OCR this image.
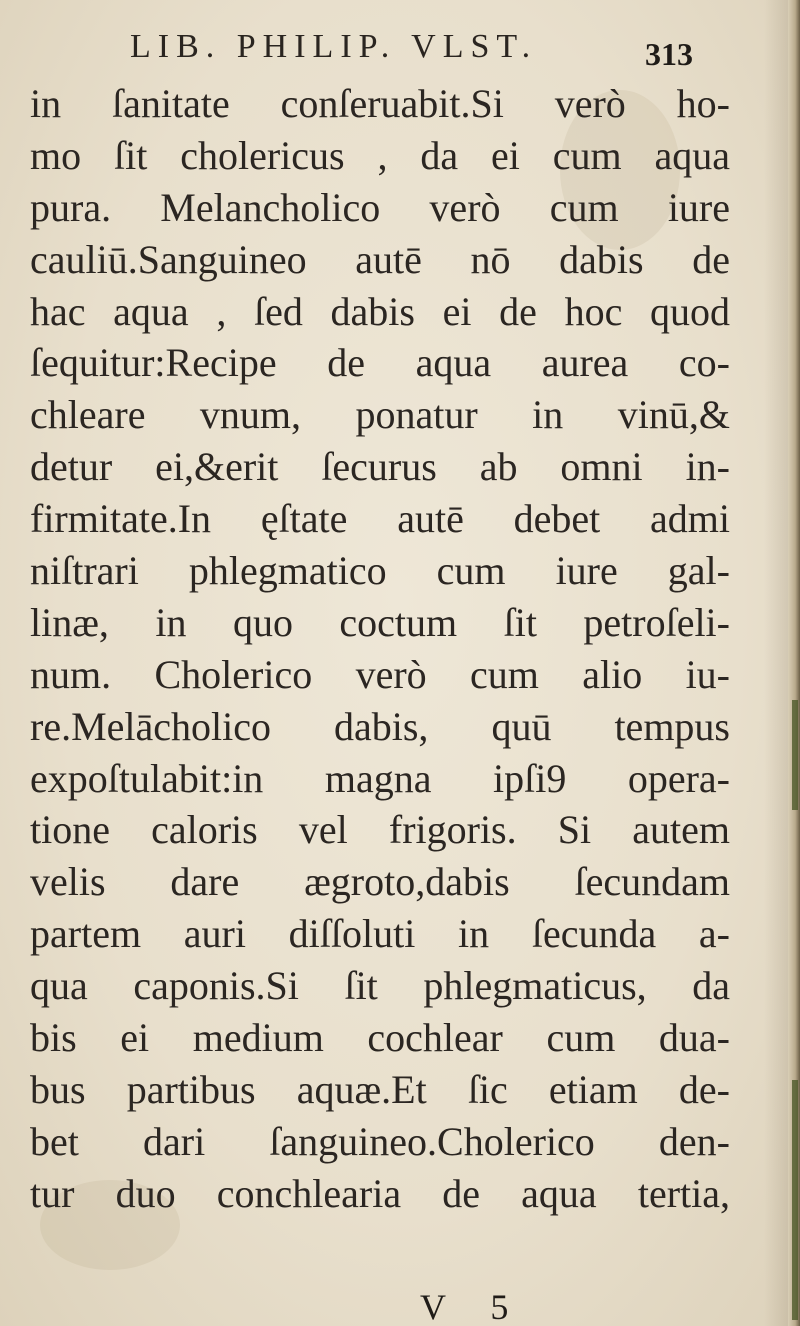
LIB. PHILIP. VLST.	313
in ſanitate conſeruabit.Si verò ho-
mo ſit cholericus , da ei cum aqua
pura. Melancholico verò cum iure
cauliū.Sanguineo autē nō dabis de
hac aqua , ſed dabis ei de hoc quod
ſequitur:Recipe de aqua aurea co-
chleare vnum, ponatur in vinū,&
detur ei,&erit ſecurus ab omni in-
firmitate.In ęſtate autē debet admi
niſtrari phlegmatico cum iure gal-
linæ, in quo coctum ſit petroſeli-
num. Cholerico verò cum alio iu-
re.Melācholico dabis, quū tempus
expoſtulabit:in magna ipſi9 opera-
tione caloris vel frigoris. Si autem
velis dare ægroto,dabis ſecundam
partem auri diſſoluti in ſecunda a-
qua caponis.Si ſit phlegmaticus, da
bis ei medium cochlear cum dua-
bus partibus aquæ.Et ſic etiam de-
bet dari ſanguineo.Cholerico den-
tur duo conchlearia de aqua tertia,
V 5
